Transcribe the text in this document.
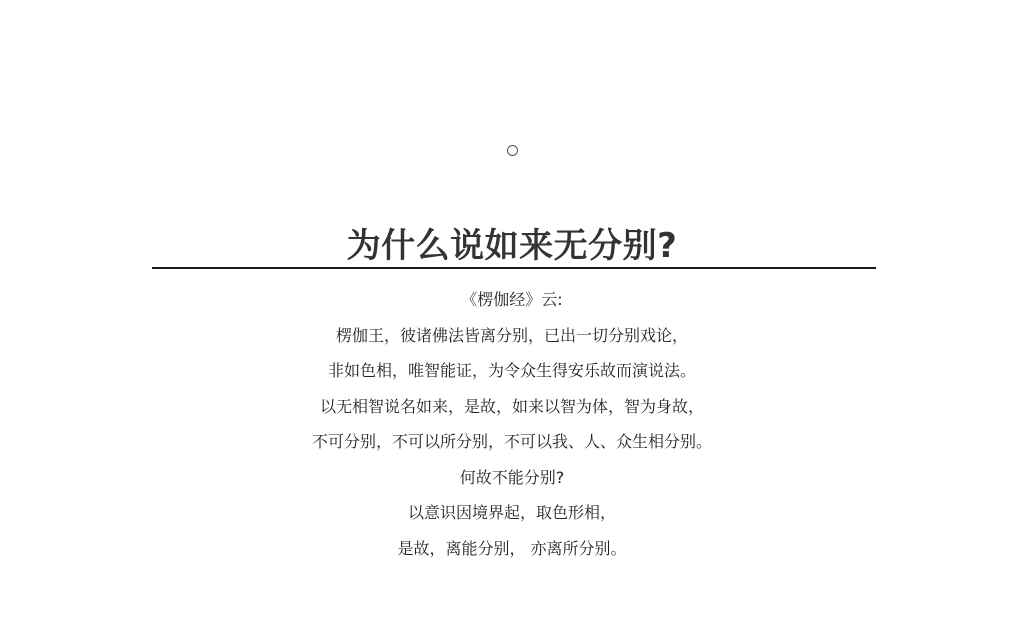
为什么说如来无分别?
《楞伽经》云:
楞伽王，彼诸佛法皆离分别，已出一切分别戏论，
非如色相，唯智能证，为令众生得安乐故而演说法。
以无相智说名如来，是故，如来以智为体，智为身故，
不可分别，不可以所分别，不可以我、人、众生相分别。
何故不能分别?
以意识因境界起，取色形相，
是故，离能分别， 亦离所分别。
